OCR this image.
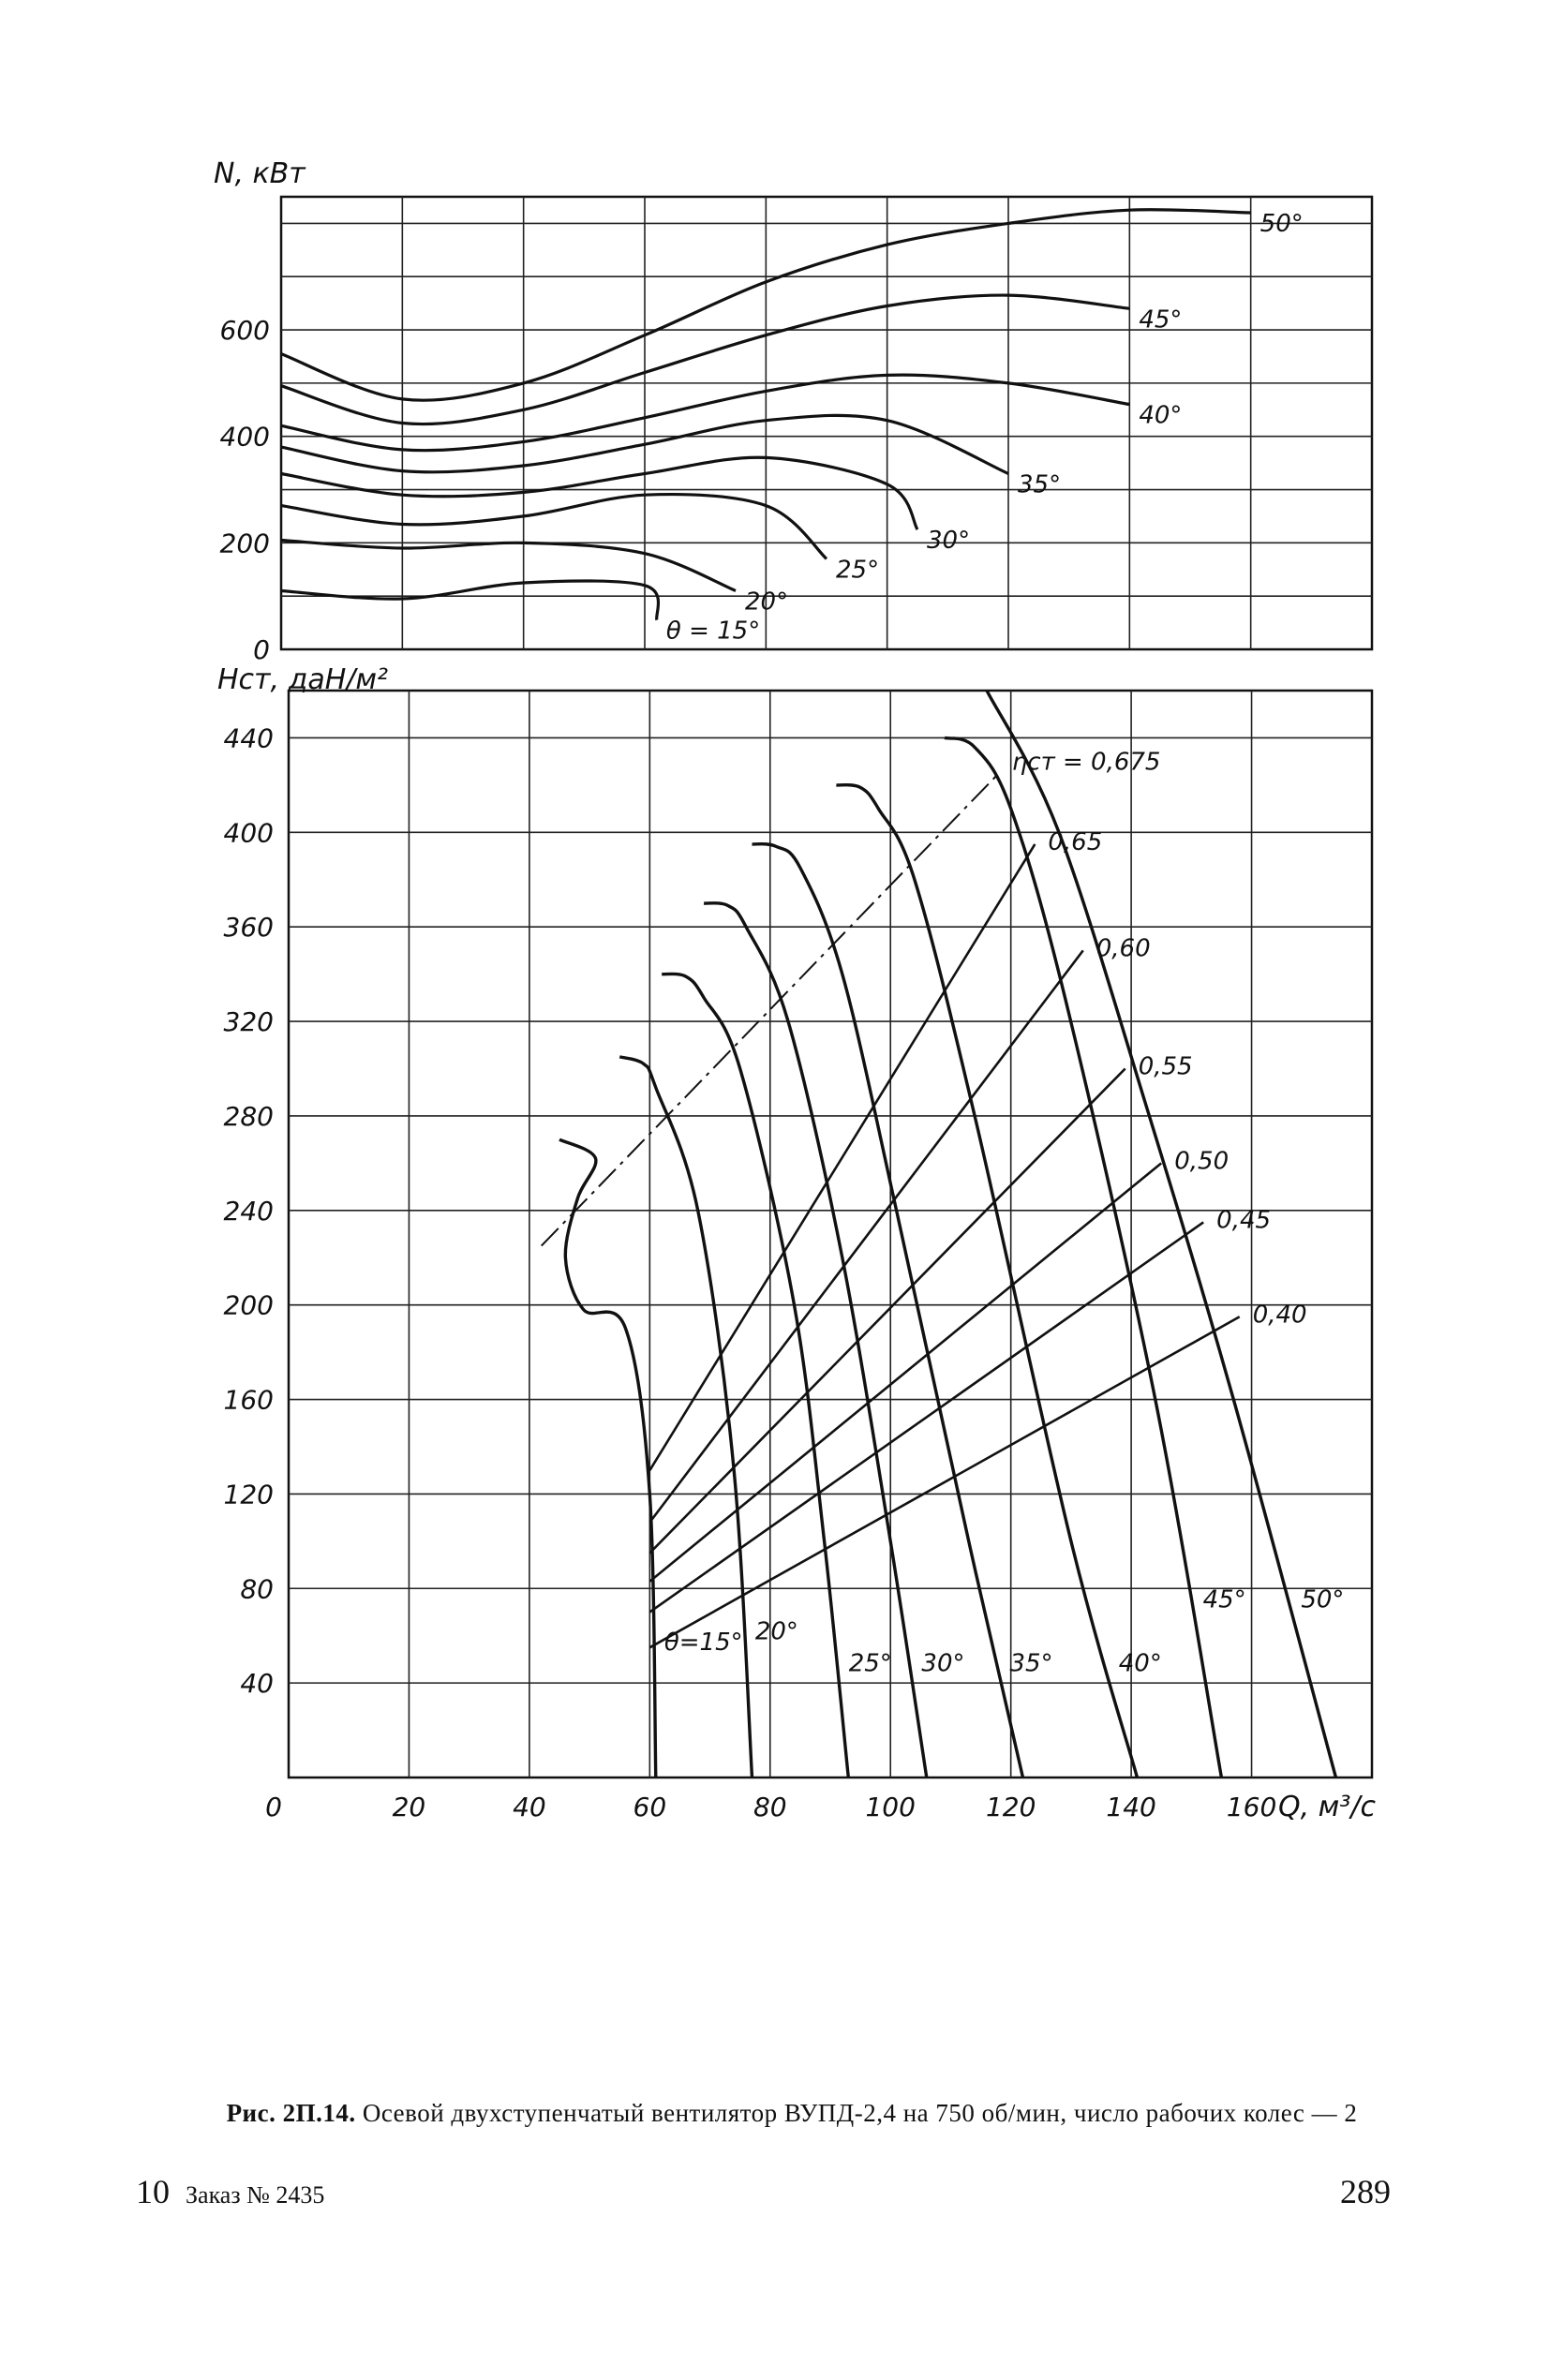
N, кВт
0
200
400
600
θ = 15°
20°
25°
30°
35°
40°
45°
50°
Hст, даН/м²
40
80
120
160
200
240
280
320
360
400
440
0	20	40	60	80	100	120	140	160 Q, м³/с
ηст = 0,675
0,65
0,60
0,55
0,50
0,45
0,40
θ=15° 20°
25° 30° 35°	40°
45° 50°
Рис. 2П.14. Осевой двухступенчатый вентилятор ВУПД-2,4 на 750 об/мин, число рабочих колес — 2
10 Заказ № 2435	289
